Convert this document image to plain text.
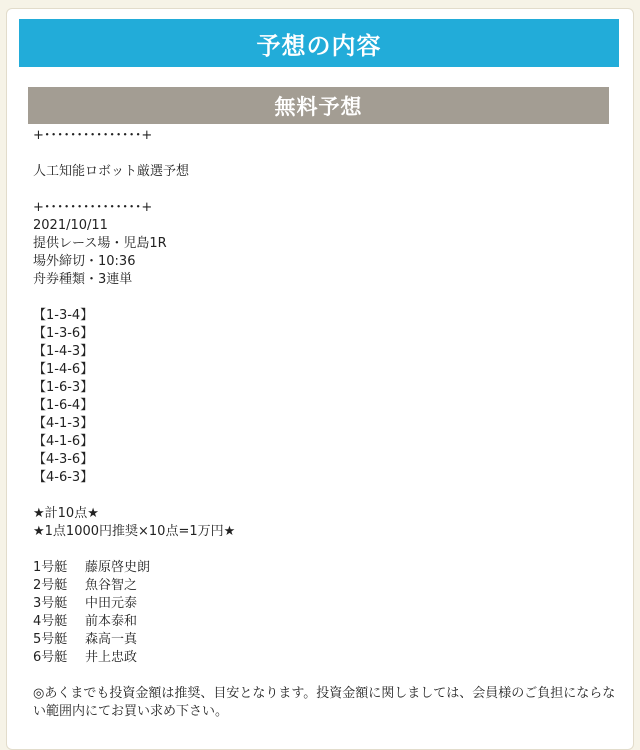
予想の内容
無料予想
+･･･････････････+
人工知能ロボット厳選予想
+･･･････････････+
2021/10/11
提供レース場・児島1R
場外締切・10:36
舟券種類・3連単
【1-3-4】
【1-3-6】
【1-4-3】
【1-4-6】
【1-6-3】
【1-6-4】
【4-1-3】
【4-1-6】
【4-3-6】
【4-6-3】
★計10点★
★1点1000円推奨×10点=1万円★
1号艇 藤原啓史朗
2号艇 魚谷智之
3号艇 中田元泰
4号艇 前本泰和
5号艇 森高一真
6号艇 井上忠政
◎あくまでも投資金額は推奨、目安となります。投資金額に関しましては、会員様のご負担にならない範囲内にてお買い求め下さい。
